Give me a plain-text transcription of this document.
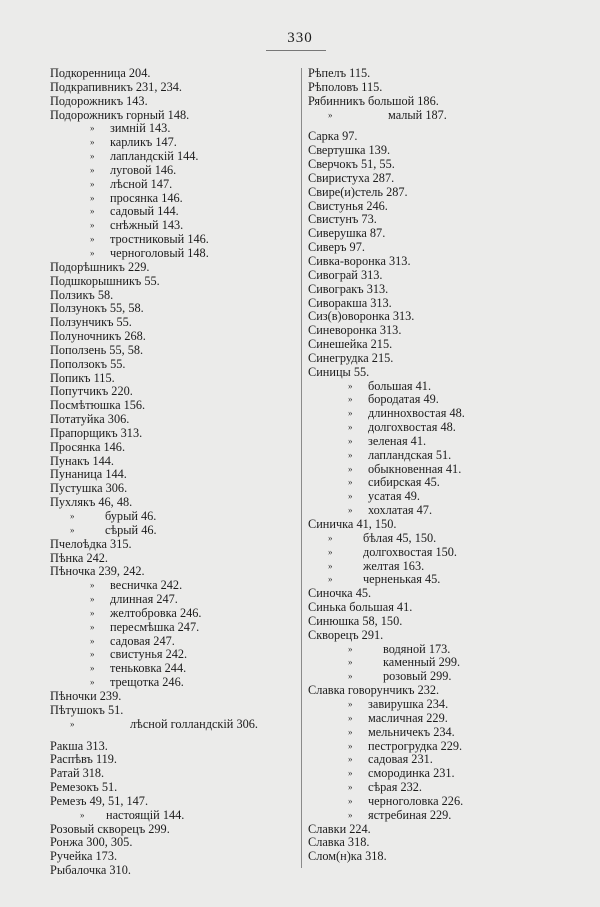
330
Подкоренница 204.
Подкрапивникъ 231, 234.
Подорожникъ 143.
Подорожникъ горный 148.
» зимній 143.
» карликъ 147.
» лапландскій 144.
» луговой 146.
» лѣсной 147.
» просянка 146.
» садовый 144.
» снѣжный 143.
» тростниковый 146.
» черноголовый 148.
Подорѣшникъ 229.
Подшкорышникъ 55.
Ползикъ 58.
Ползунокъ 55, 58.
Ползунчикъ 55.
Полуночникъ 268.
Поползень 55, 58.
Поползокъ 55.
Попикъ 115.
Попутчикъ 220.
Посмѣтюшка 156.
Потатуйка 306.
Прапорщикъ 313.
Просянка 146.
Пунакъ 144.
Пунаница 144.
Пустушка 306.
Пухлякъ 46, 48.
» бурый 46.
» сѣрый 46.
Пчелоѣдка 315.
Пѣнка 242.
Пѣночка 239, 242.
» весничка 242.
» длинная 247.
» желтобровка 246.
» пересмѣшка 247.
» садовая 247.
» свистунья 242.
» теньковка 244.
» трещотка 246.
Пѣночки 239.
Пѣтушокъ 51.
»	лѣсной голландскій 306.
Ракша 313.
Распѣвъ 119.
Ратай 318.
Ремезокъ 51.
Ремезъ 49, 51, 147.
» настоящій 144.
Розовый скворецъ 299.
Ронжа 300, 305.
Ручейка 173.
Рыбалочка 310.
Рѣпелъ 115.
Рѣполовъ 115.
Рябинникъ большой 186.
»	малый 187.
Сарка 97.
Свертушка 139.
Сверчокъ 51, 55.
Свиристуха 287.
Свире(и)стель 287.
Свистунья 246.
Свистунъ 73.
Сиверушка 87.
Сиверъ 97.
Сивка-воронка 313.
Сивограй 313.
Сивогракъ 313.
Сиворакша 313.
Сиз(в)оворонка 313.
Синеворонка 313.
Синешейка 215.
Синегрудка 215.
Синицы 55.
» большая 41.
» бородатая 49.
» длиннохвостая 48.
» долгохвостая 48.
» зеленая 41.
» лапландская 51.
» обыкновенная 41.
» сибирская 45.
» усатая 49.
» хохлатая 47.
Синичка 41, 150.
» бѣлая 45, 150.
» долгохвостая 150.
» желтая 163.
» черненькая 45.
Синочка 45.
Синька большая 41.
Синюшка 58, 150.
Скворецъ 291.
» водяной 173.
» каменный 299.
» розовый 299.
Славка говорунчикъ 232.
» завирушка 234.
» масличная 229.
» мельничекъ 234.
» пестрогрудка 229.
» садовая 231.
» смородинка 231.
» сѣрая 232.
» черноголовка 226.
» ястребиная 229.
Славки 224.
Славка 318.
Слом(н)ка 318.
